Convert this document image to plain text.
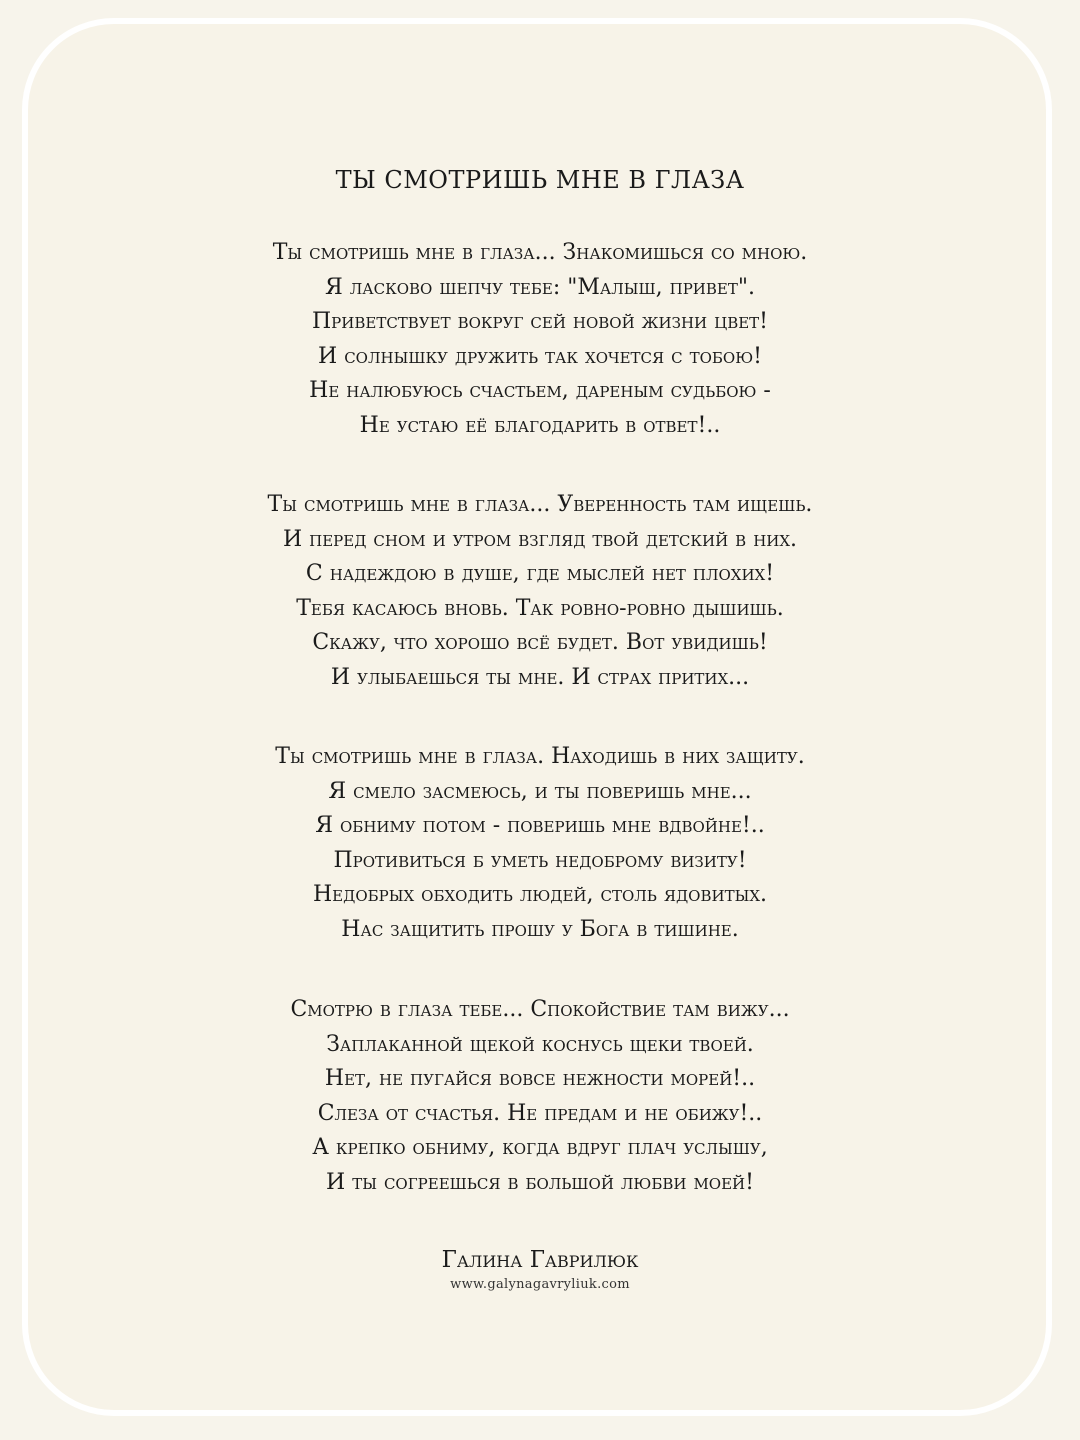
ТЫ СМОТРИШЬ МНЕ В ГЛАЗА
Ты смотришь мне в глаза... Знакомишься со мною.
Я ласково шепчу тебе: "Малыш, привет".
Приветствует вокруг сей новой жизни цвет!
И солнышку дружить так хочется с тобою!
Не налюбуюсь счастьем, дареным судьбою -
Не устаю её благодарить в ответ!..
Ты смотришь мне в глаза... Уверенность там ищешь.
И перед сном и утром взгляд твой детский в них.
С надеждою в душе, где мыслей нет плохих!
Тебя касаюсь вновь. Так ровно-ровно дышишь.
Скажу, что хорошо всё будет. Вот увидишь!
И улыбаешься ты мне. И страх притих...
Ты смотришь мне в глаза. Находишь в них защиту.
Я смело засмеюсь, и ты поверишь мне...
Я обниму потом - поверишь мне вдвойне!..
Противиться б уметь недоброму визиту!
Недобрых обходить людей, столь ядовитых.
Нас защитить прошу у Бога в тишине.
Смотрю в глаза тебе... Спокойствие там вижу...
Заплаканной щекой коснусь щеки твоей.
Нет, не пугайся вовсе нежности морей!..
Слеза от счастья. Не предам и не обижу!..
А крепко обниму, когда вдруг плач услышу,
И ты согреешься в большой любви моей!
Галина Гаврилюк
www.galynagavryliuk.com
